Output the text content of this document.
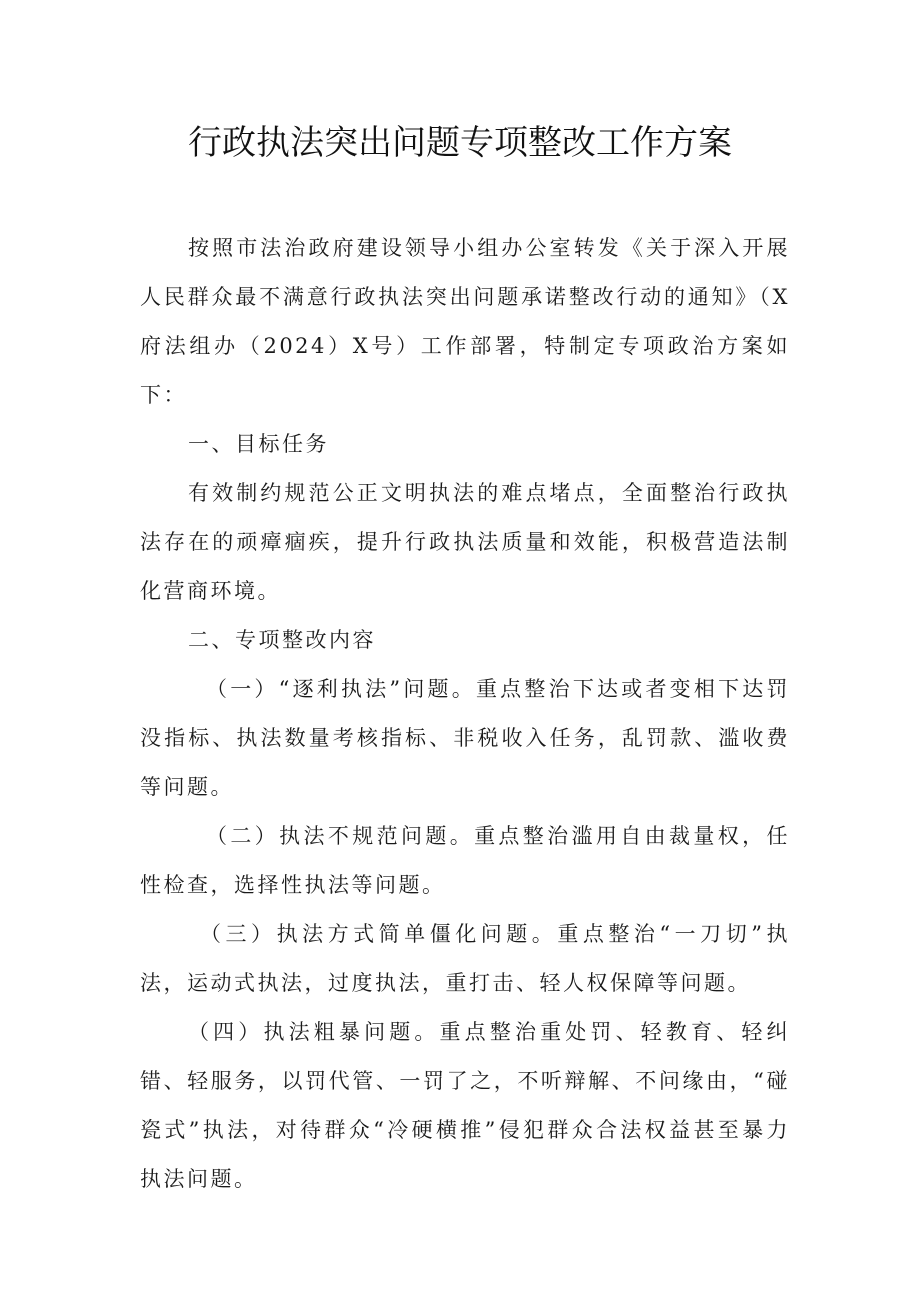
行政执法突出问题专项整改工作方案

按照市法治政府建设领导小组办公室转发《关于深入开展人民群众最不满意行政执法突出问题承诺整改行动的通知》（X府法组办（2024）X号）工作部署，特制定专项政治方案如下：

一、目标任务

有效制约规范公正文明执法的难点堵点，全面整治行政执法存在的顽瘴痼疾，提升行政执法质量和效能，积极营造法制化营商环境。

二、专项整改内容

（一）“逐利执法”问题。重点整治下达或者变相下达罚没指标、执法数量考核指标、非税收入任务，乱罚款、滥收费等问题。

（二）执法不规范问题。重点整治滥用自由裁量权，任性检查，选择性执法等问题。

（三）执法方式简单僵化问题。重点整治“一刀切”执法，运动式执法，过度执法，重打击、轻人权保障等问题。

（四）执法粗暴问题。重点整治重处罚、轻教育、轻纠错、轻服务，以罚代管、一罚了之，不听辩解、不问缘由，“碰瓷式”执法，对待群众“冷硬横推”侵犯群众合法权益甚至暴力执法问题。
